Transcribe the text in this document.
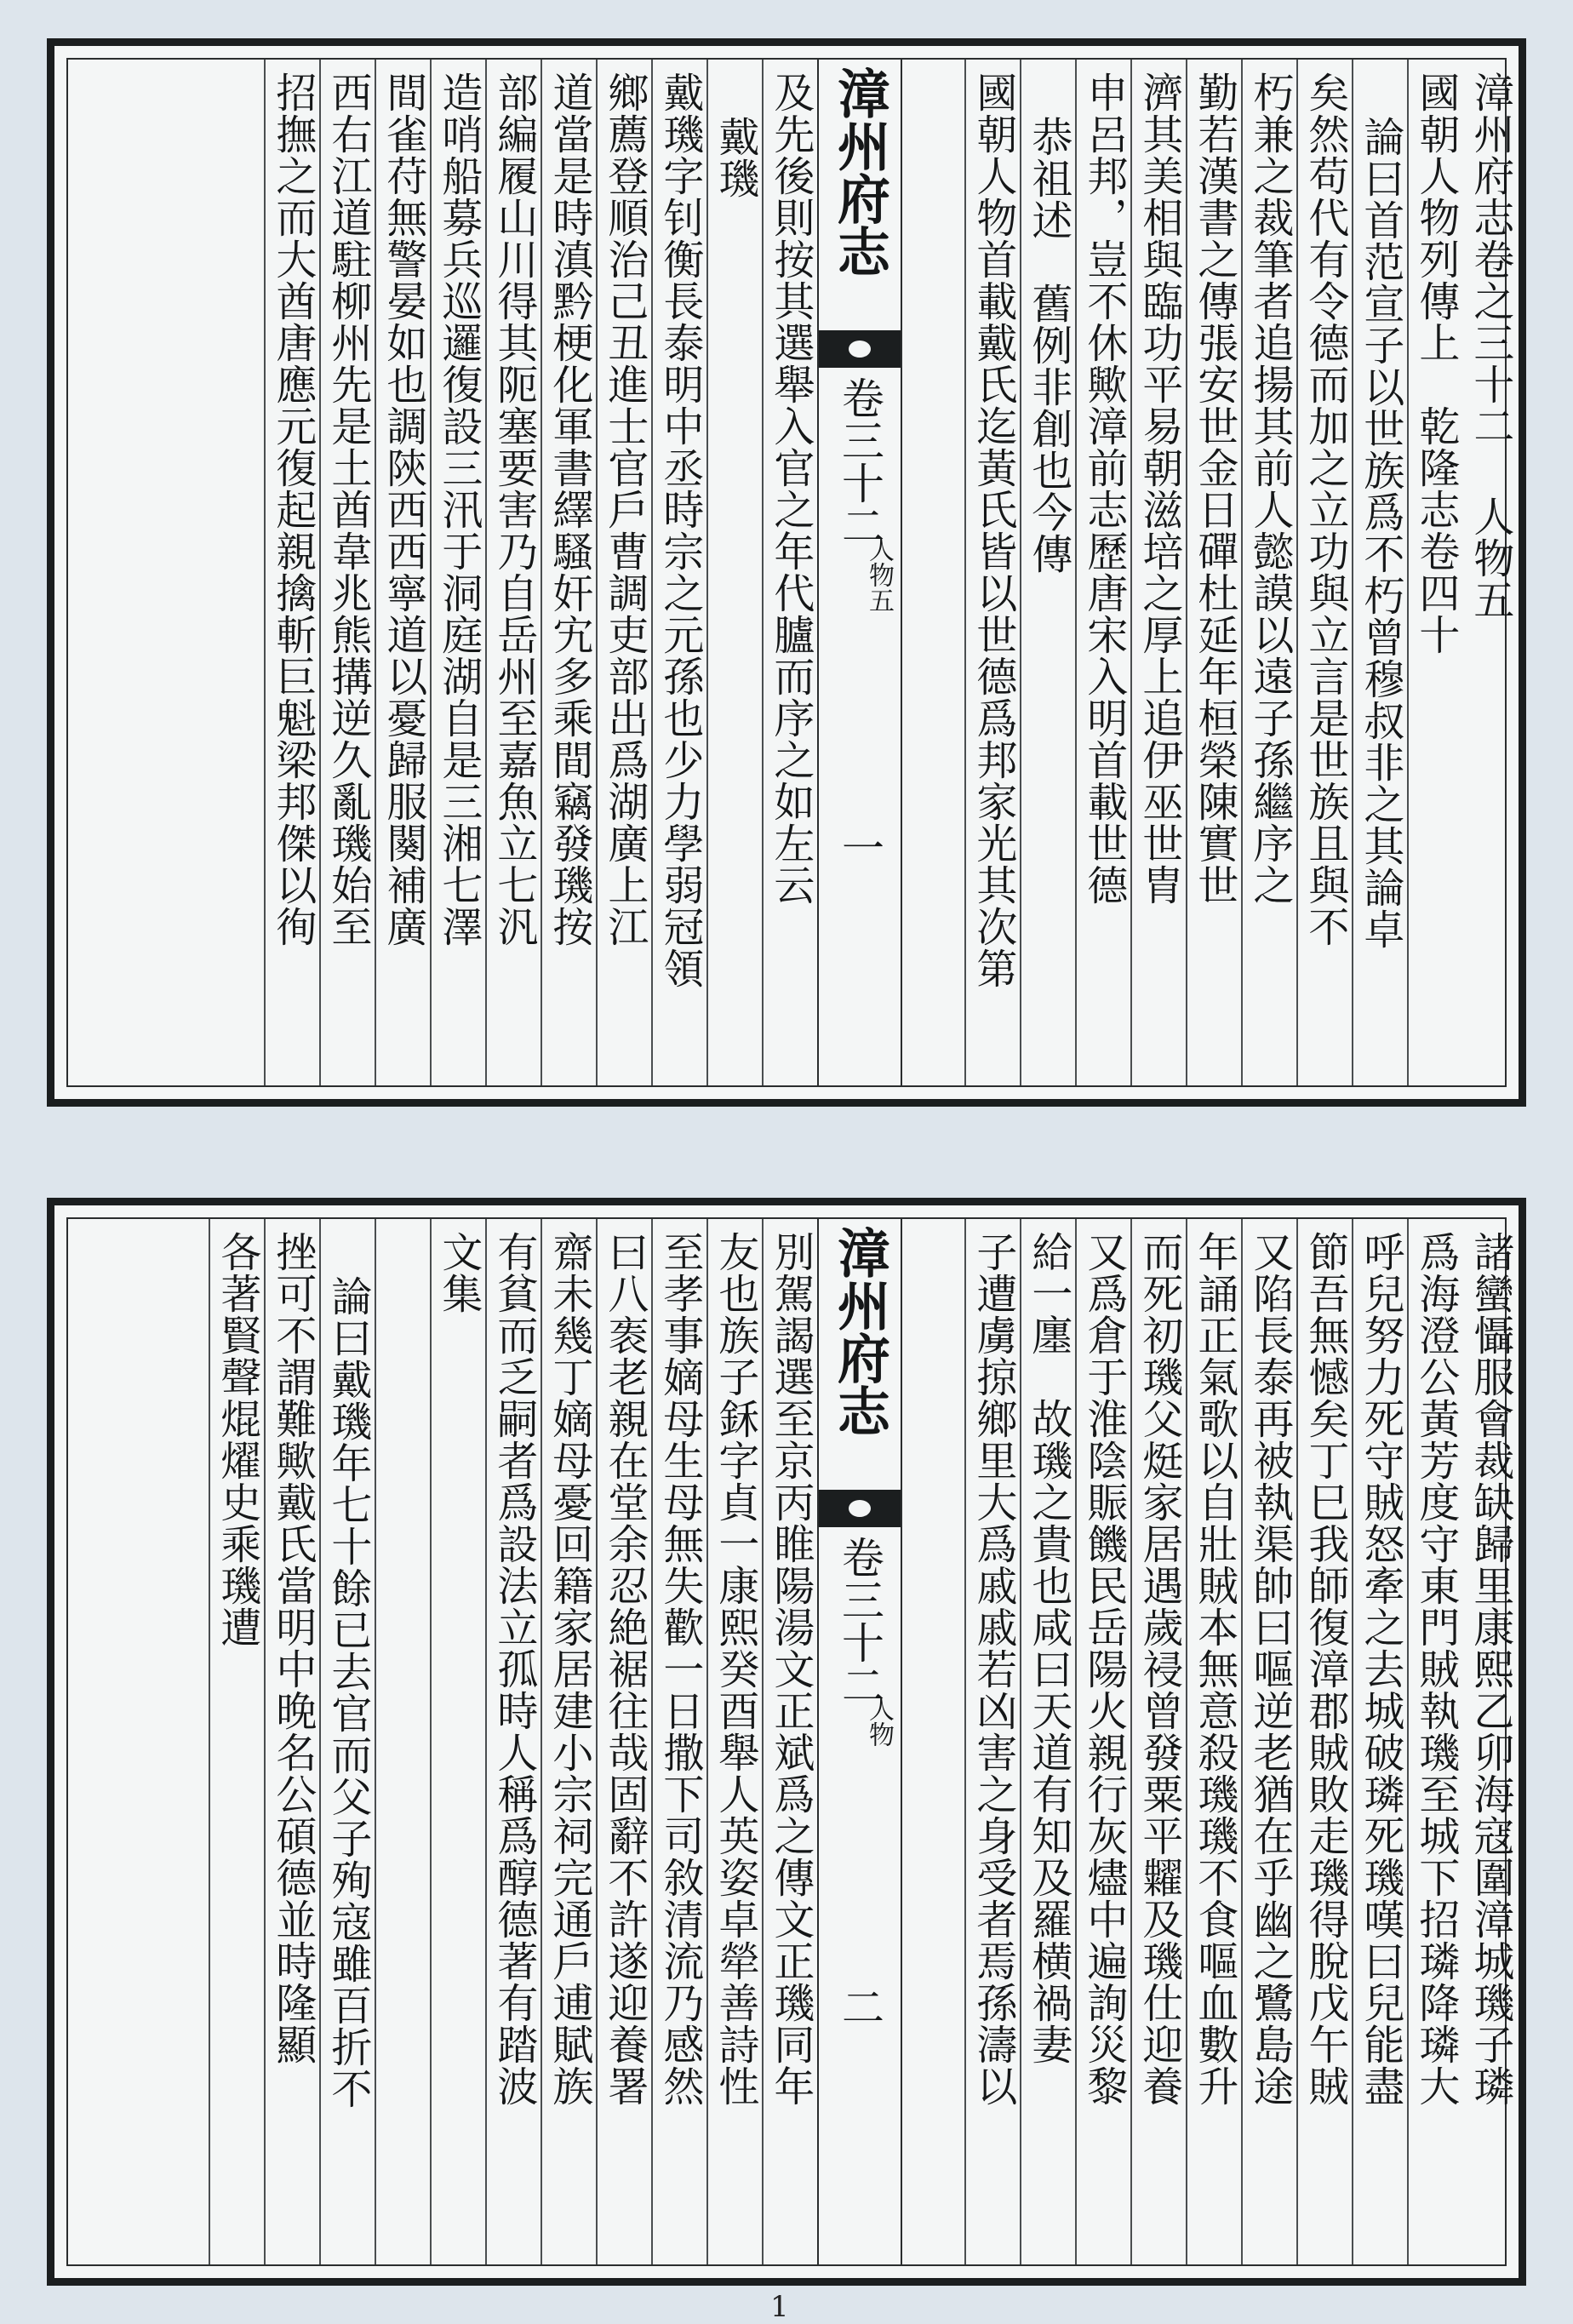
漳州府志卷之三十二 人物五
國朝人物列傳上　乾隆志卷四十
論曰首范宣子以世族爲不朽曾穆叔非之其論卓
矣然苟代有令德而加之立功與立言是世族且與不
朽兼之裁筆者追揚其前人懿謨以遠子孫繼序之
勤若漢書之傳張安世金日磾杜延年桓榮陳實世
濟其美相與臨功平易朝滋培之厚上追伊巫世胄
申呂邦，豈不休歟漳前志歷唐宋入明首載世德
恭祖述　舊例非創也今傳
國朝人物首載戴氏迄黃氏皆以世德爲邦家光其次第
漳州府志
卷三十二
人物五
一
及先後則按其選舉入官之年代臚而序之如左云
戴璣
戴璣字钊衡長泰明中丞時宗之元孫也少力學弱冠領
鄉薦登順治己丑進士官戶曹調吏部出爲湖廣上江
道當是時滇黔梗化軍書繹騷奸宄多乘間竊發璣按
部編履山川得其阨塞要害乃自岳州至嘉魚立七汎
造哨船募兵巡邏復設三汛于洞庭湖自是三湘七澤
間雀苻無警晏如也調陝西西寧道以憂歸服闋補廣
西右江道駐柳州先是土酋韋兆熊搆逆久亂璣始至
招撫之而大酋唐應元復起親擒斬巨魁梁邦傑以徇
諸蠻懾服會裁缺歸里康熙乙卯海寇圍漳城璣子璘
爲海澄公黃芳度守東門賊執璣至城下招璘降璘大
呼兒努力死守賊怒牽之去城破璘死璣嘆曰兒能盡
節吾無憾矣丁巳我師復漳郡賊敗走璣得脫戊午賊
又陷長泰再被執渠帥曰嘔逆老猶在乎幽之鷺島途
年誦正氣歌以自壯賊本無意殺璣璣不食嘔血數升
而死初璣父烶家居遇歲祲曾發粟平糶及璣仕迎養
又爲倉于淮陰賑饑民岳陽火親行灰燼中遍詢災黎
給一廛　故璣之貴也咸曰天道有知及羅横禍妻
子遭虜掠鄉里大爲戚戚若凶害之身受者焉孫濤以
漳州府志
卷三十二
人物
二
別駕謁選至京丙睢陽湯文正斌爲之傳文正璣同年
友也族子鉌字貞一康熙癸酉舉人英姿卓犖善詩性
至孝事嫡母生母無失歡一日撒下司敘清流乃感然
曰八袠老親在堂余忍絶裾往哉固辭不許遂迎養署
齋未幾丁嫡母憂回籍家居建小宗祠完通戶逋賦族
有貧而乏嗣者爲設法立孤時人稱爲醇德著有踏波
文集
論曰戴璣年七十餘已去官而父子殉寇雖百折不
挫可不謂難歟戴氏當明中晚名公碩德並時隆顯
各著賢聲焜燿史乘璣遭
1
